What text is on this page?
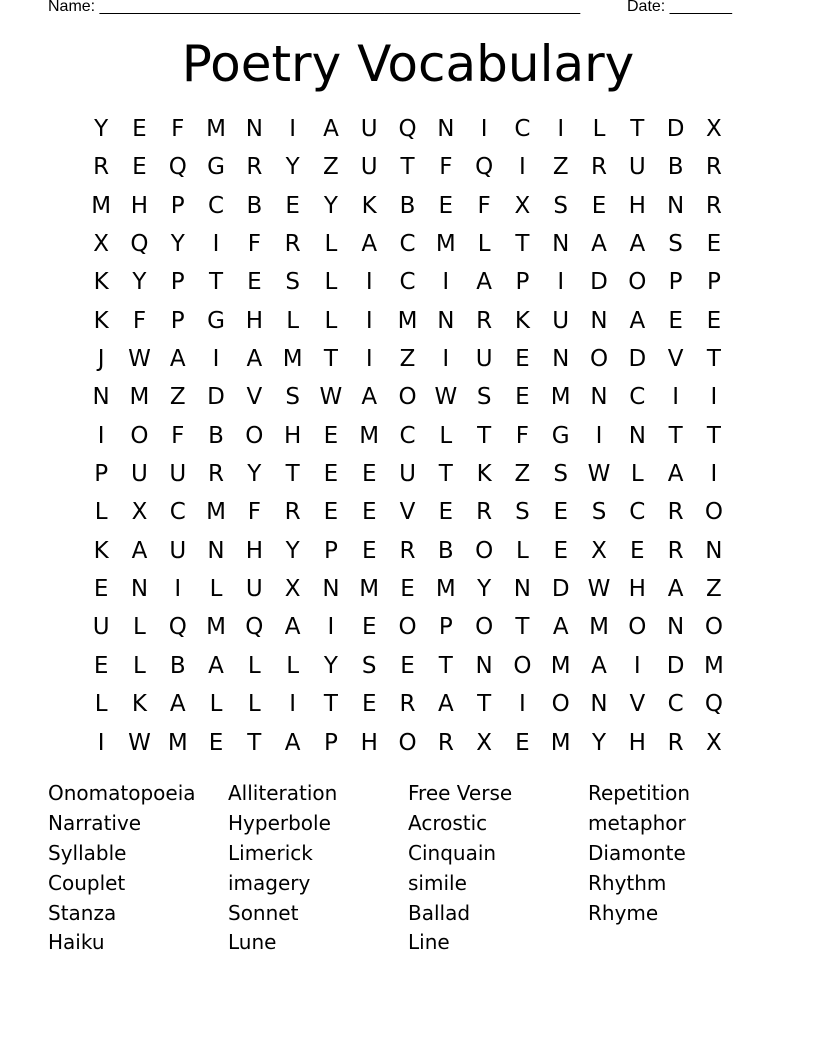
Name: ______________________________________________________	Date: _______
Poetry Vocabulary
Y	E	F M N	I	A U Q N	I	C	I	L	T D X
R	E Q G R	Y	Z U T	F Q	I	Z R U B R
M H P	C B	E	Y	K B	E	F	X	S	E H N R
X Q Y	I	F	R	L	A C M L	T N A A	S	E
K	Y	P	T	E	S	L	I	C	I	A	P	I	D O P	P
K	F	P G H	L	L	I	M N R K U N A	E	E
J	W A	I	A M T	I	Z	I	U E N O D V	T
N M Z D V	S W A O W S	E M N C	I	I
I	O F	B O H E M C	L	T	F G	I	N T	T
P U U R	Y	T	E	E U T	K Z	S W L	A	I
L	X C M F	R	E	E	V	E	R	S	E	S C R O
K A U N H Y	P	E	R B O L	E	X	E	R N
E N	I	L	U X N M E M Y N D W H A Z
U	L Q M Q A	I	E O P O T	A M O N O
E	L	B A	L	L	Y	S	E	T N O M A	I	D M
L	K A	L	L	I	T	E	R A	T	I	O N V C Q
I	W M E	T	A	P H O R X	E M Y H R X
Onomatopoeia	Alliteration	Free Verse	Repetition
Narrative	Hyperbole	Acrostic	metaphor
Syllable	Limerick	Cinquain	Diamonte
Couplet	imagery	simile	Rhythm
Stanza	Sonnet	Ballad	Rhyme
Haiku	Lune	Line
